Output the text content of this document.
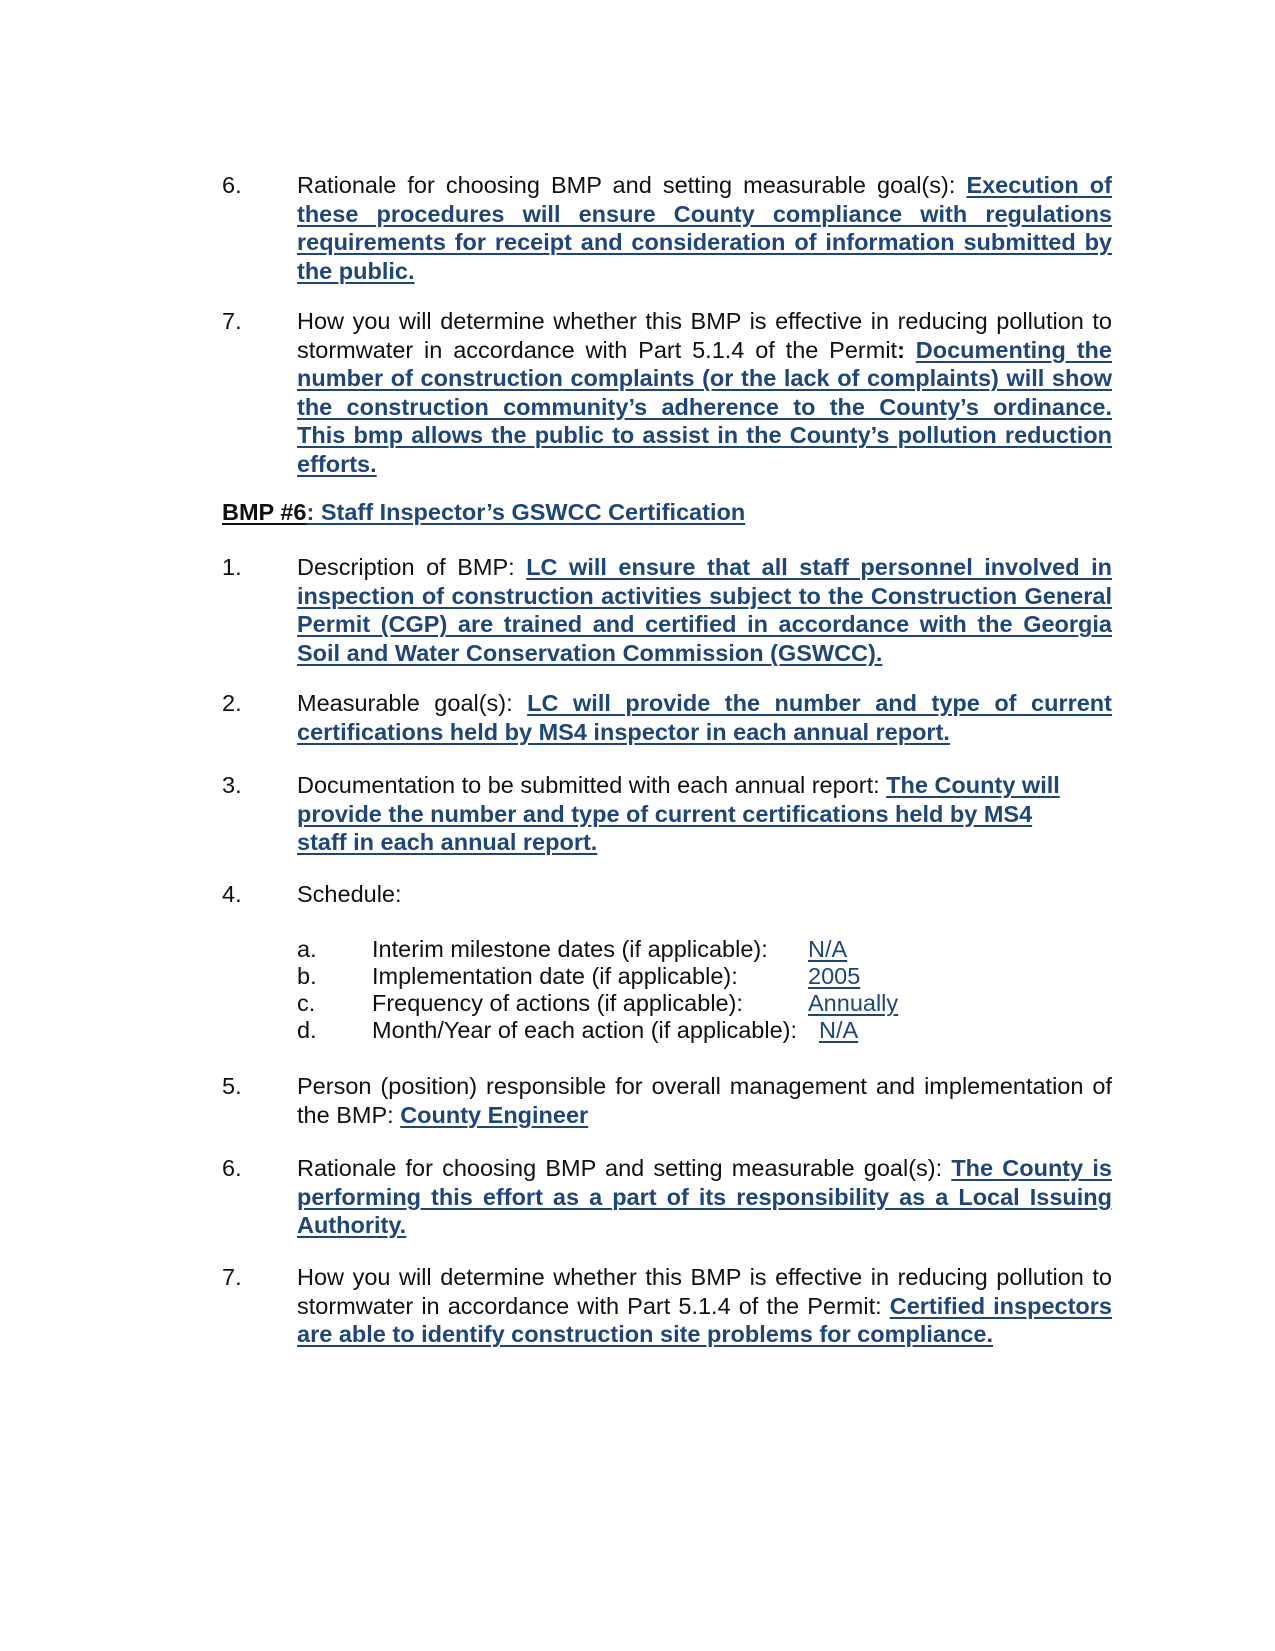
6. Rationale for choosing BMP and setting measurable goal(s): Execution of these procedures will ensure County compliance with regulations requirements for receipt and consideration of information submitted by the public.
7. How you will determine whether this BMP is effective in reducing pollution to stormwater in accordance with Part 5.1.4 of the Permit: Documenting the number of construction complaints (or the lack of complaints) will show the construction community’s adherence to the County’s ordinance. This bmp allows the public to assist in the County’s pollution reduction efforts.
BMP #6: Staff Inspector’s GSWCC Certification
1. Description of BMP: LC will ensure that all staff personnel involved in inspection of construction activities subject to the Construction General Permit (CGP) are trained and certified in accordance with the Georgia Soil and Water Conservation Commission (GSWCC).
2. Measurable goal(s): LC will provide the number and type of current certifications held by MS4 inspector in each annual report.
3. Documentation to be submitted with each annual report: The County will provide the number and type of current certifications held by MS4 staff in each annual report.
4. Schedule:
a. Interim milestone dates (if applicable): N/A
b. Implementation date (if applicable):	2005
c. Frequency of actions (if applicable):	Annually
d. Month/Year of each action (if applicable): N/A
5. Person (position) responsible for overall management and implementation of the BMP: County Engineer
6. Rationale for choosing BMP and setting measurable goal(s): The County is performing this effort as a part of its responsibility as a Local Issuing Authority.
7. How you will determine whether this BMP is effective in reducing pollution to stormwater in accordance with Part 5.1.4 of the Permit: Certified inspectors are able to identify construction site problems for compliance.
